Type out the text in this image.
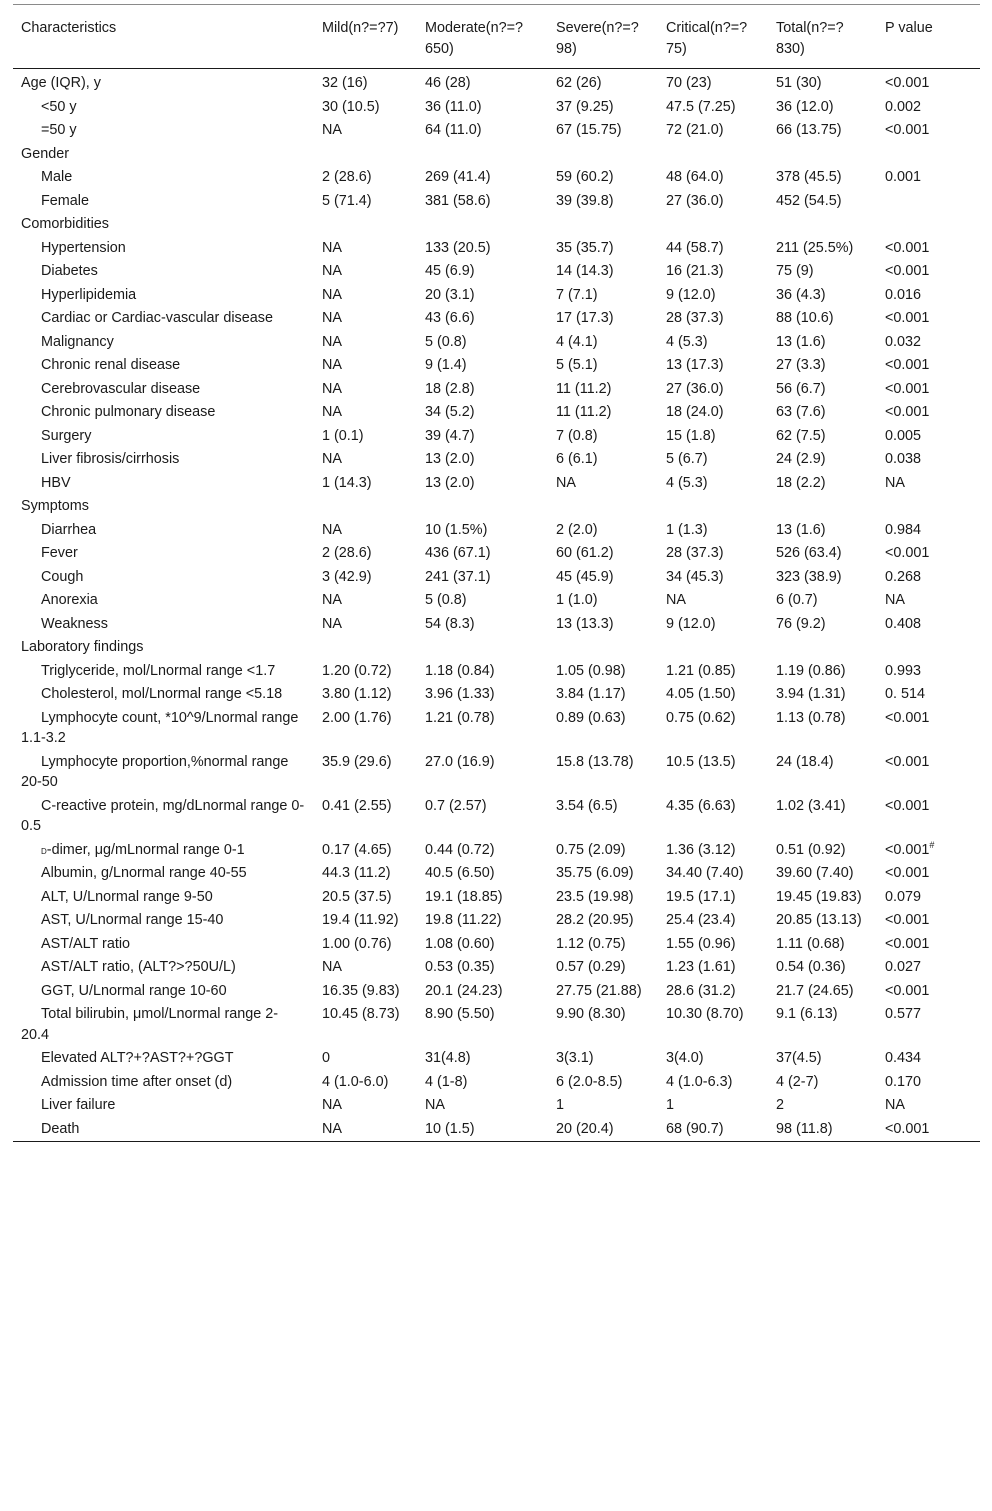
Characteristics	Mild(n?=?7)	Moderate(n?=?650)	Severe(n?=?98)	Critical(n?=?75)	Total(n?=?830)	P value
Age (IQR), y	32 (16)	46 (28)	62 (26)	70 (23)	51 (30)	<0.001
<50 y	30 (10.5)	36 (11.0)	37 (9.25)	47.5 (7.25)	36 (12.0)	0.002
=50 y	NA	64 (11.0)	67 (15.75)	72 (21.0)	66 (13.75)	<0.001
Gender						
Male	2 (28.6)	269 (41.4)	59 (60.2)	48 (64.0)	378 (45.5)	0.001
Female	5 (71.4)	381 (58.6)	39 (39.8)	27 (36.0)	452 (54.5)	
Comorbidities						
Hypertension	NA	133 (20.5)	35 (35.7)	44 (58.7)	211 (25.5%)	<0.001
Diabetes	NA	45 (6.9)	14 (14.3)	16 (21.3)	75 (9)	<0.001
Hyperlipidemia	NA	20 (3.1)	7 (7.1)	9 (12.0)	36 (4.3)	0.016
Cardiac or Cardiac-vascular disease	NA	43 (6.6)	17 (17.3)	28 (37.3)	88 (10.6)	<0.001
Malignancy	NA	5 (0.8)	4 (4.1)	4 (5.3)	13 (1.6)	0.032
Chronic renal disease	NA	9 (1.4)	5 (5.1)	13 (17.3)	27 (3.3)	<0.001
Cerebrovascular disease	NA	18 (2.8)	11 (11.2)	27 (36.0)	56 (6.7)	<0.001
Chronic pulmonary disease	NA	34 (5.2)	11 (11.2)	18 (24.0)	63 (7.6)	<0.001
Surgery	1 (0.1)	39 (4.7)	7 (0.8)	15 (1.8)	62 (7.5)	0.005
Liver fibrosis/cirrhosis	NA	13 (2.0)	6 (6.1)	5 (6.7)	24 (2.9)	0.038
HBV	1 (14.3)	13 (2.0)	NA	4 (5.3)	18 (2.2)	NA
Symptoms						
Diarrhea	NA	10 (1.5%)	2 (2.0)	1 (1.3)	13 (1.6)	0.984
Fever	2 (28.6)	436 (67.1)	60 (61.2)	28 (37.3)	526 (63.4)	<0.001
Cough	3 (42.9)	241 (37.1)	45 (45.9)	34 (45.3)	323 (38.9)	0.268
Anorexia	NA	5 (0.8)	1 (1.0)	NA	6 (0.7)	NA
Weakness	NA	54 (8.3)	13 (13.3)	9 (12.0)	76 (9.2)	0.408
Laboratory findings						
Triglyceride, mol/Lnormal range <1.7	1.20 (0.72)	1.18 (0.84)	1.05 (0.98)	1.21 (0.85)	1.19 (0.86)	0.993
Cholesterol, mol/Lnormal range <5.18	3.80 (1.12)	3.96 (1.33)	3.84 (1.17)	4.05 (1.50)	3.94 (1.31)	0. 514
Lymphocyte count, *10^9/Lnormal range 1.1-3.2	2.00 (1.76)	1.21 (0.78)	0.89 (0.63)	0.75 (0.62)	1.13 (0.78)	<0.001
Lymphocyte proportion,%normal range 20-50	35.9 (29.6)	27.0 (16.9)	15.8 (13.78)	10.5 (13.5)	24 (18.4)	<0.001
C-reactive protein, mg/dLnormal range 0-0.5	0.41 (2.55)	0.7 (2.57)	3.54 (6.5)	4.35 (6.63)	1.02 (3.41)	<0.001
d-dimer, μg/mLnormal range 0-1	0.17 (4.65)	0.44 (0.72)	0.75 (2.09)	1.36 (3.12)	0.51 (0.92)	<0.001#
Albumin, g/Lnormal range 40-55	44.3 (11.2)	40.5 (6.50)	35.75 (6.09)	34.40 (7.40)	39.60 (7.40)	<0.001
ALT, U/Lnormal range 9-50	20.5 (37.5)	19.1 (18.85)	23.5 (19.98)	19.5 (17.1)	19.45 (19.83)	0.079
AST, U/Lnormal range 15-40	19.4 (11.92)	19.8 (11.22)	28.2 (20.95)	25.4 (23.4)	20.85 (13.13)	<0.001
AST/ALT ratio	1.00 (0.76)	1.08 (0.60)	1.12 (0.75)	1.55 (0.96)	1.11 (0.68)	<0.001
AST/ALT ratio, (ALT?>?50U/L)	NA	0.53 (0.35)	0.57 (0.29)	1.23 (1.61)	0.54 (0.36)	0.027
GGT, U/Lnormal range 10-60	16.35 (9.83)	20.1 (24.23)	27.75 (21.88)	28.6 (31.2)	21.7 (24.65)	<0.001
Total bilirubin, μmol/Lnormal range 2-20.4	10.45 (8.73)	8.90 (5.50)	9.90 (8.30)	10.30 (8.70)	9.1 (6.13)	0.577
Elevated ALT?+?AST?+?GGT	0	31(4.8)	3(3.1)	3(4.0)	37(4.5)	0.434
Admission time after onset (d)	4 (1.0-6.0)	4 (1-8)	6 (2.0-8.5)	4 (1.0-6.3)	4 (2-7)	0.170
Liver failure	NA	NA	1	1	2	NA
Death	NA	10 (1.5)	20 (20.4)	68 (90.7)	98 (11.8)	<0.001
